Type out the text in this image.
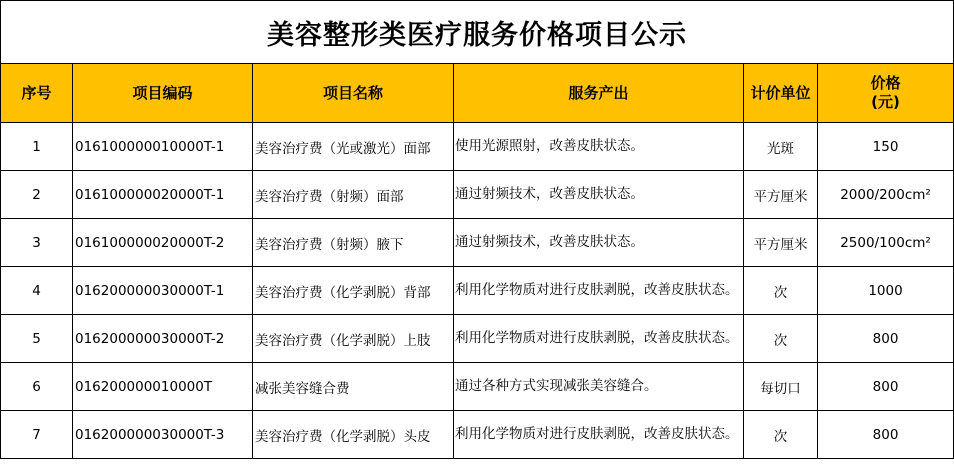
美容整形类医疗服务价格项目公示					
序号	项目编码	项目名称	服务产出	计价单位	价格
(元)

1	016100000010000T-1	美容治疗费（光或激光）面部	使用光源照射，改善皮肤状态。	光斑	150
2	016100000020000T-1	美容治疗费（射频）面部	通过射频技术，改善皮肤状态。	平方厘米	2000/200cm²
3	016100000020000T-2	美容治疗费（射频）腋下	通过射频技术，改善皮肤状态。	平方厘米	2500/100cm²
4	016200000030000T-1	美容治疗费（化学剥脱）背部	利用化学物质对进行皮肤剥脱，改善皮肤状态。	次	1000
5	016200000030000T-2	美容治疗费（化学剥脱）上肢	利用化学物质对进行皮肤剥脱，改善皮肤状态。	次	800
6	016200000010000T	减张美容缝合费	通过各种方式实现减张美容缝合。	每切口	800
7	016200000030000T-3	美容治疗费（化学剥脱）头皮	利用化学物质对进行皮肤剥脱，改善皮肤状态。	次	800
